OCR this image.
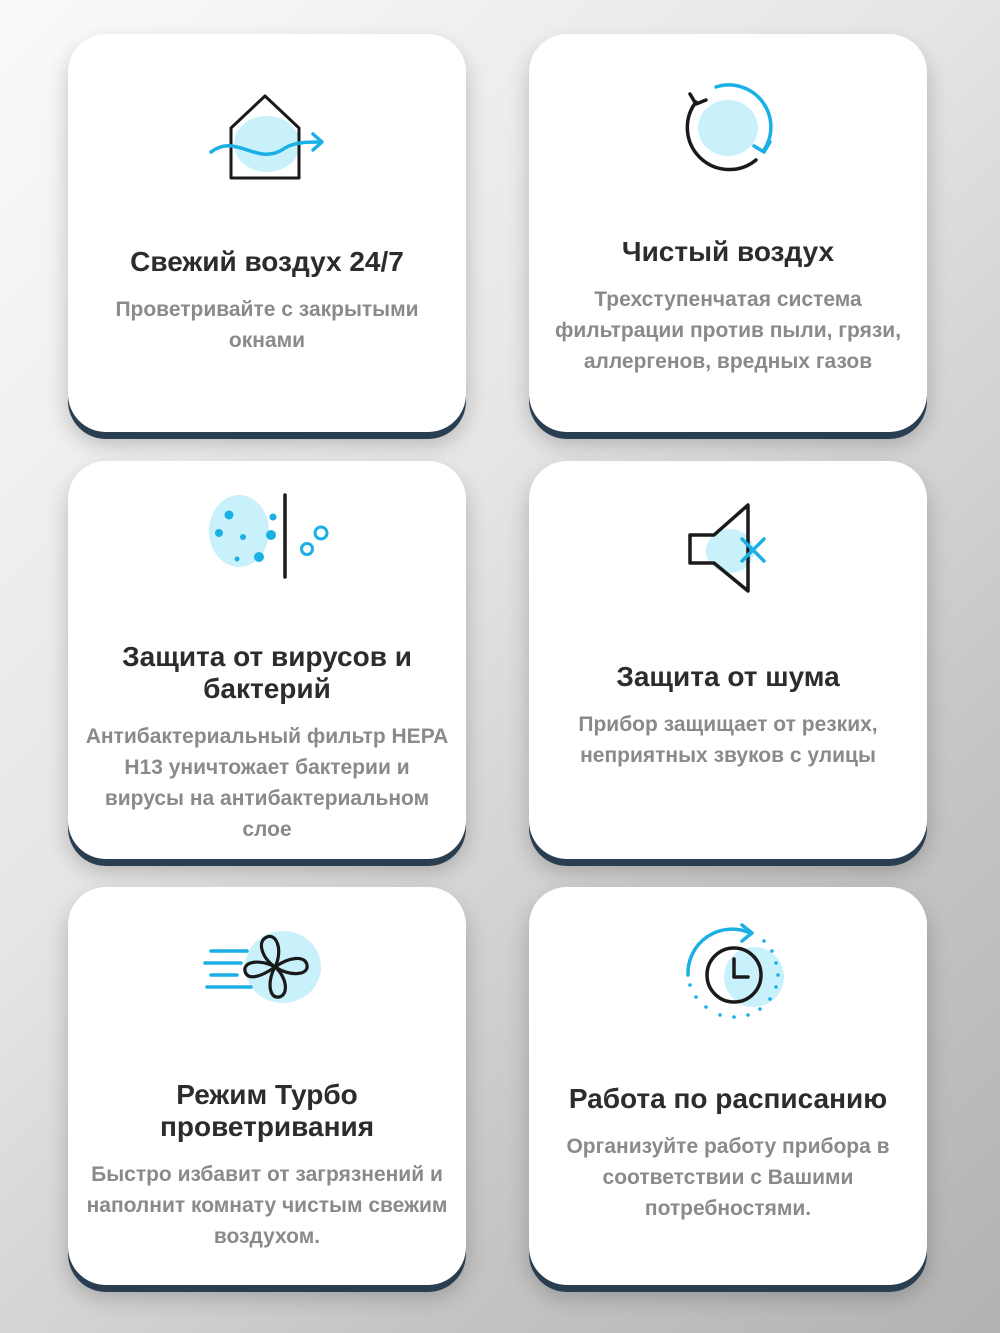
Свежий воздух 24/7

Проветривайте с закрытыми окнами

Чистый воздух

Трехступенчатая система фильтрации против пыли, грязи, аллергенов, вредных газов

Защита от вирусов и бактерий

Антибактериальный фильтр HEPA H13 уничтожает бактерии и вирусы на антибактериальном слое

Защита от шума

Прибор защищает от резких, неприятных звуков с улицы

Режим Турбо проветривания

Быстро избавит от загрязнений и наполнит комнату чистым свежим воздухом.

Работа по расписанию

Организуйте работу прибора в соответствии с Вашими потребностями.
